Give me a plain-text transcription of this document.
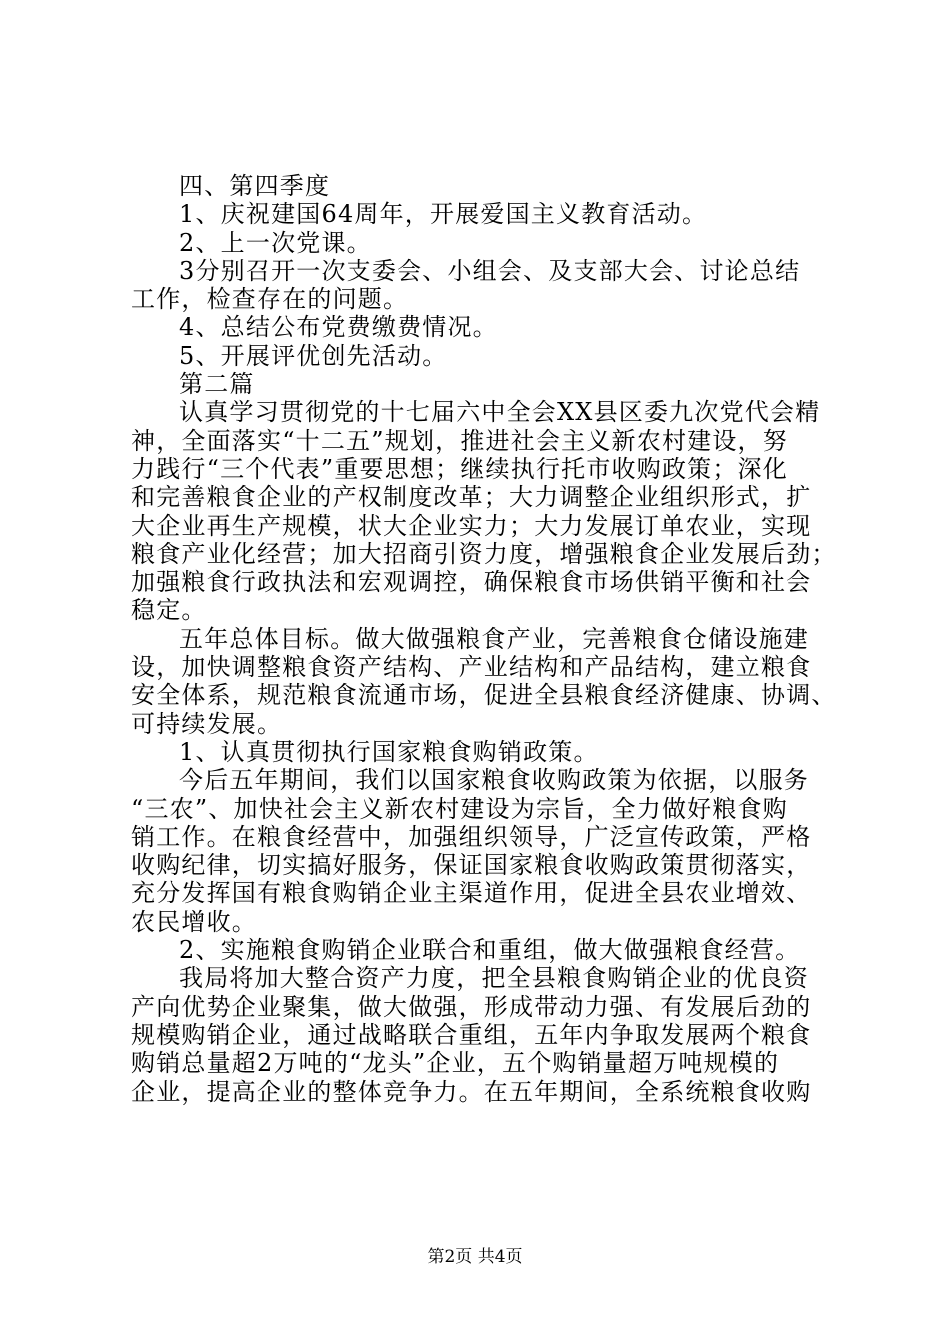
四、第四季度
1、庆祝建国64周年，开展爱国主义教育活动。
2、上一次党课。
3分别召开一次支委会、小组会、及支部大会、讨论总结
工作，检查存在的问题。
4、总结公布党费缴费情况。
5、开展评优创先活动。
第二篇
认真学习贯彻党的十七届六中全会XX县区委九次党代会精
神，全面落实“十二五”规划，推进社会主义新农村建设，努
力践行“三个代表”重要思想；继续执行托市收购政策；深化
和完善粮食企业的产权制度改革；大力调整企业组织形式，扩
大企业再生产规模，状大企业实力；大力发展订单农业，实现
粮食产业化经营；加大招商引资力度，增强粮食企业发展后劲；
加强粮食行政执法和宏观调控，确保粮食市场供销平衡和社会
稳定。
五年总体目标。做大做强粮食产业，完善粮食仓储设施建
设，加快调整粮食资产结构、产业结构和产品结构，建立粮食
安全体系，规范粮食流通市场，促进全县粮食经济健康、协调、
可持续发展。
1、认真贯彻执行国家粮食购销政策。
今后五年期间，我们以国家粮食收购政策为依据，以服务
“三农”、加快社会主义新农村建设为宗旨，全力做好粮食购
销工作。在粮食经营中，加强组织领导，广泛宣传政策，严格
收购纪律，切实搞好服务，保证国家粮食收购政策贯彻落实，
充分发挥国有粮食购销企业主渠道作用，促进全县农业增效、
农民增收。
2、实施粮食购销企业联合和重组，做大做强粮食经营。
我局将加大整合资产力度，把全县粮食购销企业的优良资
产向优势企业聚集，做大做强，形成带动力强、有发展后劲的
规模购销企业，通过战略联合重组，五年内争取发展两个粮食
购销总量超2万吨的“龙头”企业，五个购销量超万吨规模的
企业，提高企业的整体竞争力。在五年期间，全系统粮食收购
第2页 共4页
